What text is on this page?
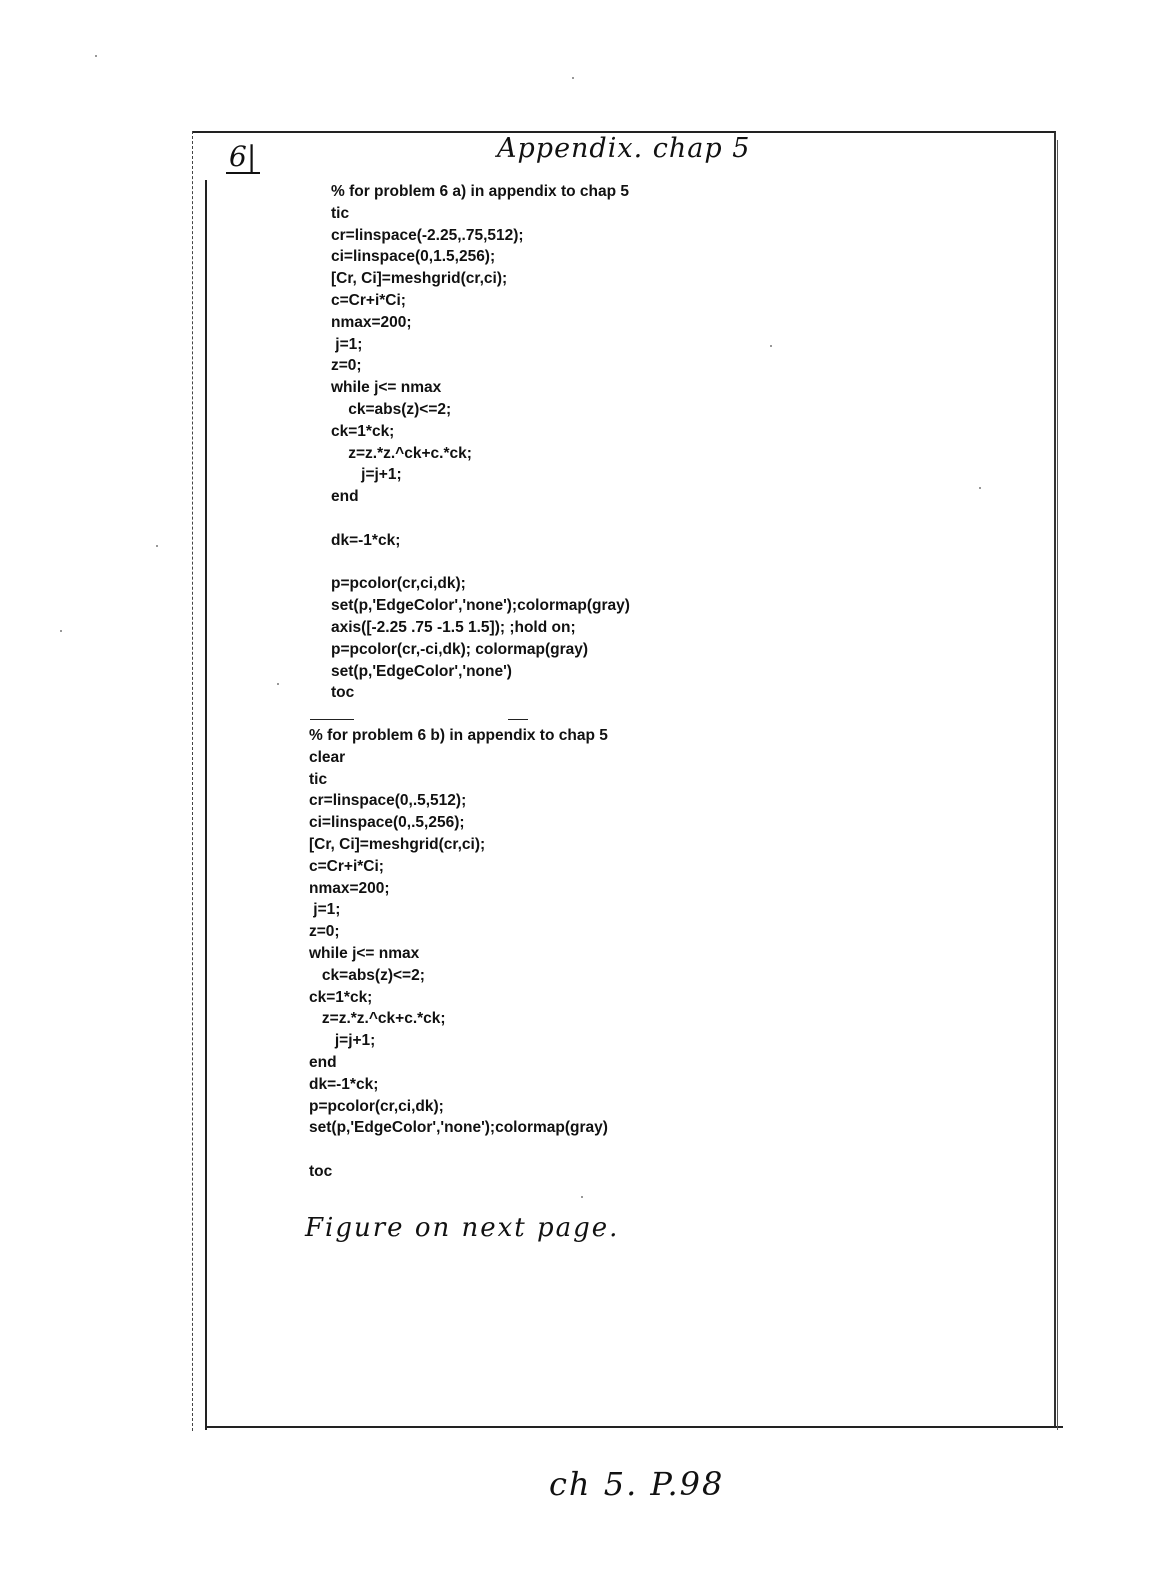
6|	Appendix. chap 5
% for problem 6 a) in appendix to chap 5
tic
cr=linspace(-2.25,.75,512);
ci=linspace(0,1.5,256);
[Cr, Ci]=meshgrid(cr,ci);
c=Cr+i*Ci;
nmax=200;
j=1;
z=0;
while j<= nmax
ck=abs(z)<=2;
ck=1*ck;
z=z.*z.^ck+c.*ck;
j=j+1;
end

dk=-1*ck;

p=pcolor(cr,ci,dk);
set(p,'EdgeColor','none');colormap(gray)
axis([-2.25 .75 -1.5 1.5]); ;hold on;
p=pcolor(cr,-ci,dk); colormap(gray)
set(p,'EdgeColor','none')
toc
% for problem 6 b) in appendix to chap 5
clear
tic
cr=linspace(0,.5,512);
ci=linspace(0,.5,256);
[Cr, Ci]=meshgrid(cr,ci);
c=Cr+i*Ci;
nmax=200;
j=1;
z=0;
while j<= nmax
ck=abs(z)<=2;
ck=1*ck;
z=z.*z.^ck+c.*ck;
j=j+1;
end
dk=-1*ck;
p=pcolor(cr,ci,dk);
set(p,'EdgeColor','none');colormap(gray)

toc
Figure on next page.
ch 5. P.98
